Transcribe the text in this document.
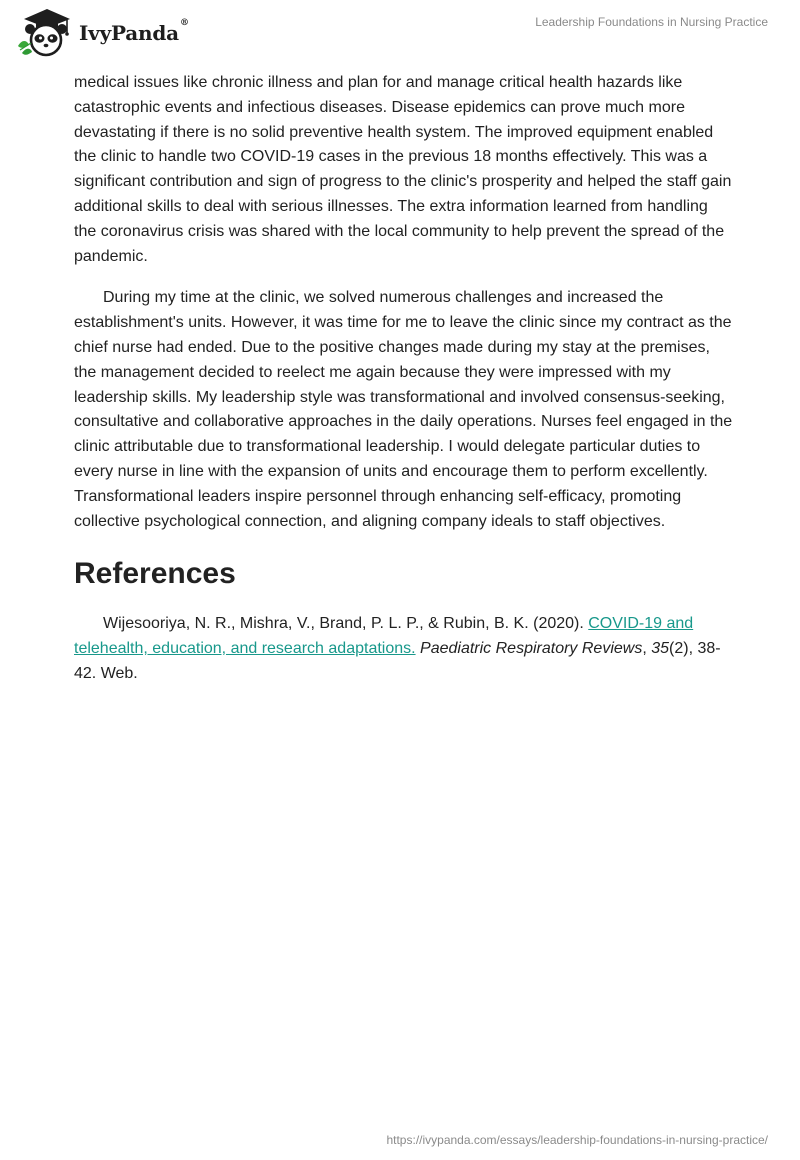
IvyPanda®	Leadership Foundations in Nursing Practice

medical issues like chronic illness and plan for and manage critical health hazards like catastrophic events and infectious diseases. Disease epidemics can prove much more devastating if there is no solid preventive health system. The improved equipment enabled the clinic to handle two COVID-19 cases in the previous 18 months effectively. This was a significant contribution and sign of progress to the clinic's prosperity and helped the staff gain additional skills to deal with serious illnesses. The extra information learned from handling the coronavirus crisis was shared with the local community to help prevent the spread of the pandemic.

During my time at the clinic, we solved numerous challenges and increased the establishment's units. However, it was time for me to leave the clinic since my contract as the chief nurse had ended. Due to the positive changes made during my stay at the premises, the management decided to reelect me again because they were impressed with my leadership skills. My leadership style was transformational and involved consensus-seeking, consultative and collaborative approaches in the daily operations. Nurses feel engaged in the clinic attributable due to transformational leadership. I would delegate particular duties to every nurse in line with the expansion of units and encourage them to perform excellently. Transformational leaders inspire personnel through enhancing self-efficacy, promoting collective psychological connection, and aligning company ideals to staff objectives.

References

Wijesooriya, N. R., Mishra, V., Brand, P. L. P., & Rubin, B. K. (2020). COVID-19 and telehealth, education, and research adaptations. Paediatric Respiratory Reviews, 35(2), 38-42. Web.

https://ivypanda.com/essays/leadership-foundations-in-nursing-practice/
